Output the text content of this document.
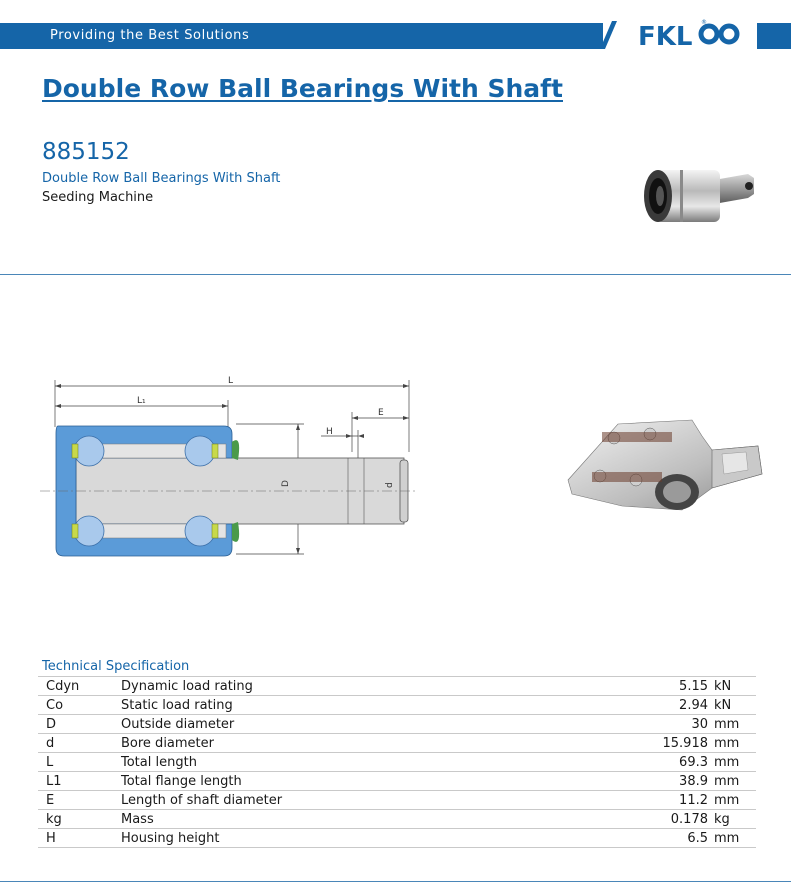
Providing the Best Solutions	FKL ®
Double Row Ball Bearings With Shaft
885152
Double Row Ball Bearings With Shaft
Seeding Machine
L
L₁
E
H
D	d
Technical Specification
Cdyn	Dynamic load rating	5.15	kN
Co	Static load rating	2.94	kN
D	Outside diameter	30	mm
d	Bore diameter	15.918	mm
L	Total length	69.3	mm
L1	Total flange length	38.9	mm
E	Length of shaft diameter	11.2	mm
kg	Mass	0.178	kg
H	Housing height	6.5	mm
